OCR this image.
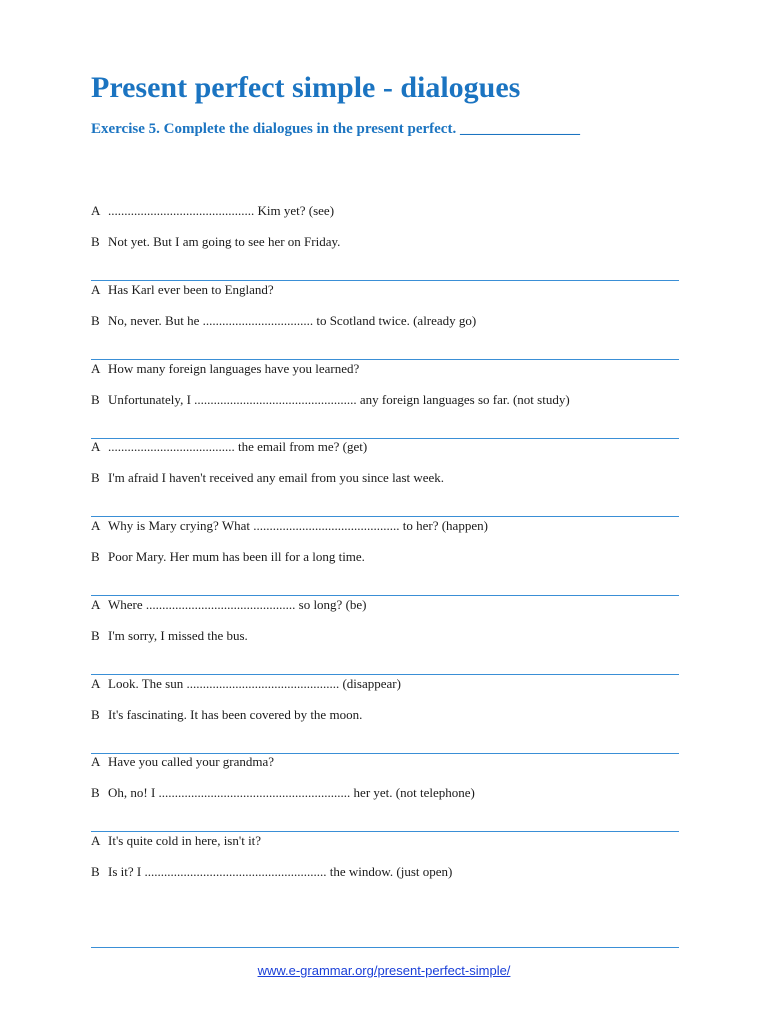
Present perfect simple - dialogues
Exercise 5. Complete the dialogues in the present perfect. ________________
A ............................................. Kim yet? (see)
B Not yet. But I am going to see her on Friday.
A Has Karl ever been to England?
B No, never. But he .................................. to Scotland twice. (already go)
A How many foreign languages have you learned?
B Unfortunately, I .................................................. any foreign languages so far. (not study)
A ....................................... the email from me? (get)
B I'm afraid I haven't received any email from you since last week.
A Why is Mary crying? What ............................................. to her? (happen)
B Poor Mary. Her mum has been ill for a long time.
A Where .............................................. so long? (be)
B I'm sorry, I missed the bus.
A Look. The sun ............................................... (disappear)
B It's fascinating. It has been covered by the moon.
A Have you called your grandma?
B Oh, no! I ........................................................... her yet. (not telephone)
A It's quite cold in here, isn't it?
B Is it? I ........................................................ the window. (just open)
www.e-grammar.org/present-perfect-simple/
